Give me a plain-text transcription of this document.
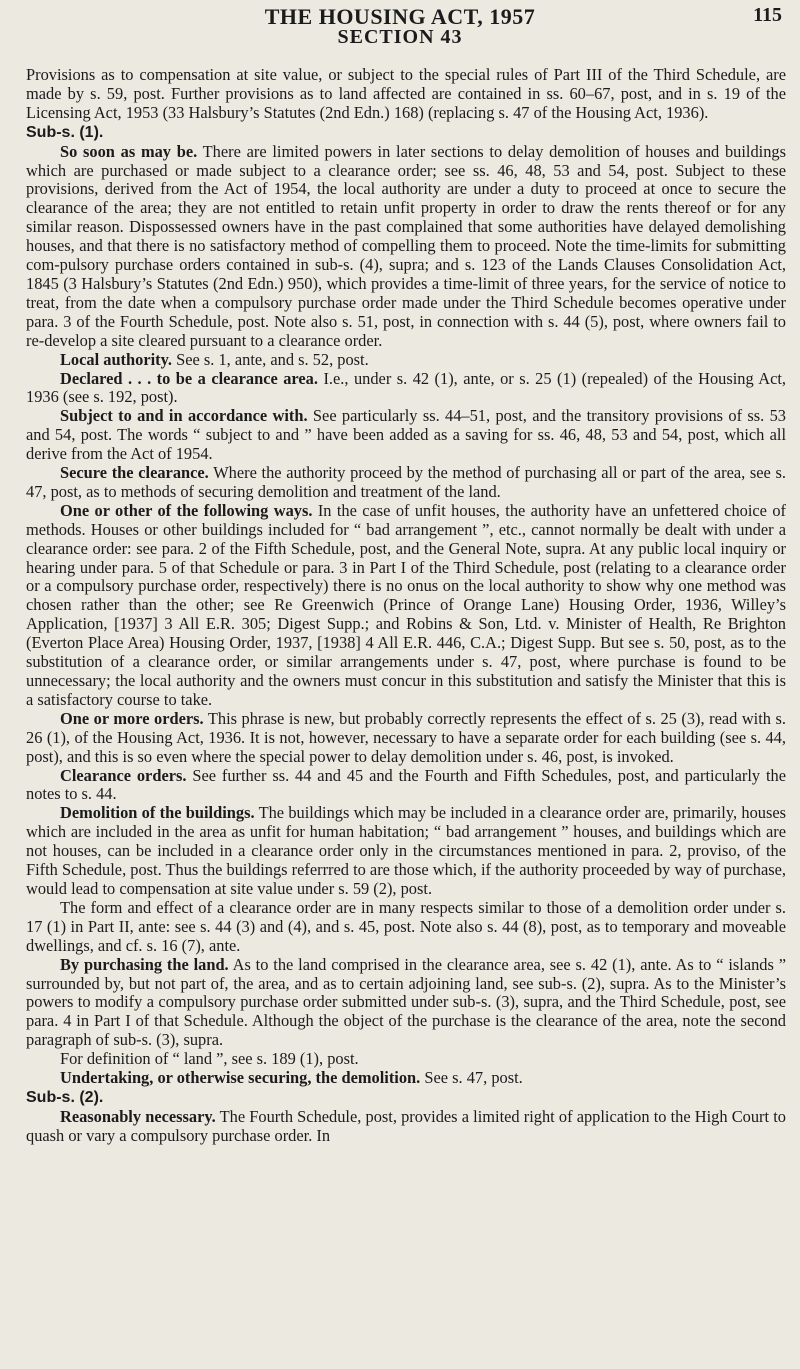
THE HOUSING ACT, 1957	115
SECTION 43

Provisions as to compensation at site value, or subject to the special rules of Part III of the Third Schedule, are made by s. 59, post. Further provisions as to land affected are contained in ss. 60–67, post, and in s. 19 of the Licensing Act, 1953 (33 Halsbury’s Statutes (2nd Edn.) 168) (replacing s. 47 of the Housing Act, 1936).

Sub-s. (1).

So soon as may be. There are limited powers in later sections to delay demolition of houses and buildings which are purchased or made subject to a clearance order; see ss. 46, 48, 53 and 54, post. Subject to these provisions, derived from the Act of 1954, the local authority are under a duty to proceed at once to secure the clearance of the area; they are not entitled to retain unfit property in order to draw the rents thereof or for any similar reason. Dispossessed owners have in the past complained that some authorities have delayed demolishing houses, and that there is no satisfactory method of compelling them to proceed. Note the time-limits for submitting com-pulsory purchase orders contained in sub-s. (4), supra; and s. 123 of the Lands Clauses Consolidation Act, 1845 (3 Halsbury’s Statutes (2nd Edn.) 950), which provides a time-limit of three years, for the service of notice to treat, from the date when a compulsory purchase order made under the Third Schedule becomes operative under para. 3 of the Fourth Schedule, post. Note also s. 51, post, in connection with s. 44 (5), post, where owners fail to re-develop a site cleared pursuant to a clearance order.

Local authority. See s. 1, ante, and s. 52, post.

Declared . . . to be a clearance area. I.e., under s. 42 (1), ante, or s. 25 (1) (repealed) of the Housing Act, 1936 (see s. 192, post).

Subject to and in accordance with. See particularly ss. 44–51, post, and the transitory provisions of ss. 53 and 54, post. The words “ subject to and ” have been added as a saving for ss. 46, 48, 53 and 54, post, which all derive from the Act of 1954.

Secure the clearance. Where the authority proceed by the method of purchasing all or part of the area, see s. 47, post, as to methods of securing demolition and treatment of the land.

One or other of the following ways. In the case of unfit houses, the authority have an unfettered choice of methods. Houses or other buildings included for “ bad arrangement ”, etc., cannot normally be dealt with under a clearance order: see para. 2 of the Fifth Schedule, post, and the General Note, supra. At any public local inquiry or hearing under para. 5 of that Schedule or para. 3 in Part I of the Third Schedule, post (relating to a clearance order or a compulsory purchase order, respectively) there is no onus on the local authority to show why one method was chosen rather than the other; see Re Greenwich (Prince of Orange Lane) Housing Order, 1936, Willey’s Application, [1937] 3 All E.R. 305; Digest Supp.; and Robins & Son, Ltd. v. Minister of Health, Re Brighton (Everton Place Area) Housing Order, 1937, [1938] 4 All E.R. 446, C.A.; Digest Supp. But see s. 50, post, as to the substitution of a clearance order, or similar arrangements under s. 47, post, where purchase is found to be unnecessary; the local authority and the owners must concur in this substitution and satisfy the Minister that this is a satisfactory course to take.

One or more orders. This phrase is new, but probably correctly represents the effect of s. 25 (3), read with s. 26 (1), of the Housing Act, 1936. It is not, however, necessary to have a separate order for each building (see s. 44, post), and this is so even where the special power to delay demolition under s. 46, post, is invoked.

Clearance orders. See further ss. 44 and 45 and the Fourth and Fifth Schedules, post, and particularly the notes to s. 44.

Demolition of the buildings. The buildings which may be included in a clearance order are, primarily, houses which are included in the area as unfit for human habitation; “ bad arrangement ” houses, and buildings which are not houses, can be included in a clearance order only in the circumstances mentioned in para. 2, proviso, of the Fifth Schedule, post. Thus the buildings referrred to are those which, if the authority proceeded by way of purchase, would lead to compensation at site value under s. 59 (2), post.

The form and effect of a clearance order are in many respects similar to those of a demolition order under s. 17 (1) in Part II, ante: see s. 44 (3) and (4), and s. 45, post. Note also s. 44 (8), post, as to temporary and moveable dwellings, and cf. s. 16 (7), ante.

By purchasing the land. As to the land comprised in the clearance area, see s. 42 (1), ante. As to “ islands ” surrounded by, but not part of, the area, and as to certain adjoining land, see sub-s. (2), supra. As to the Minister’s powers to modify a compulsory purchase order submitted under sub-s. (3), supra, and the Third Schedule, post, see para. 4 in Part I of that Schedule. Although the object of the purchase is the clearance of the area, note the second paragraph of sub-s. (3), supra.

For definition of “ land ”, see s. 189 (1), post.

Undertaking, or otherwise securing, the demolition. See s. 47, post.

Sub-s. (2).

Reasonably necessary. The Fourth Schedule, post, provides a limited right of application to the High Court to quash or vary a compulsory purchase order. In
